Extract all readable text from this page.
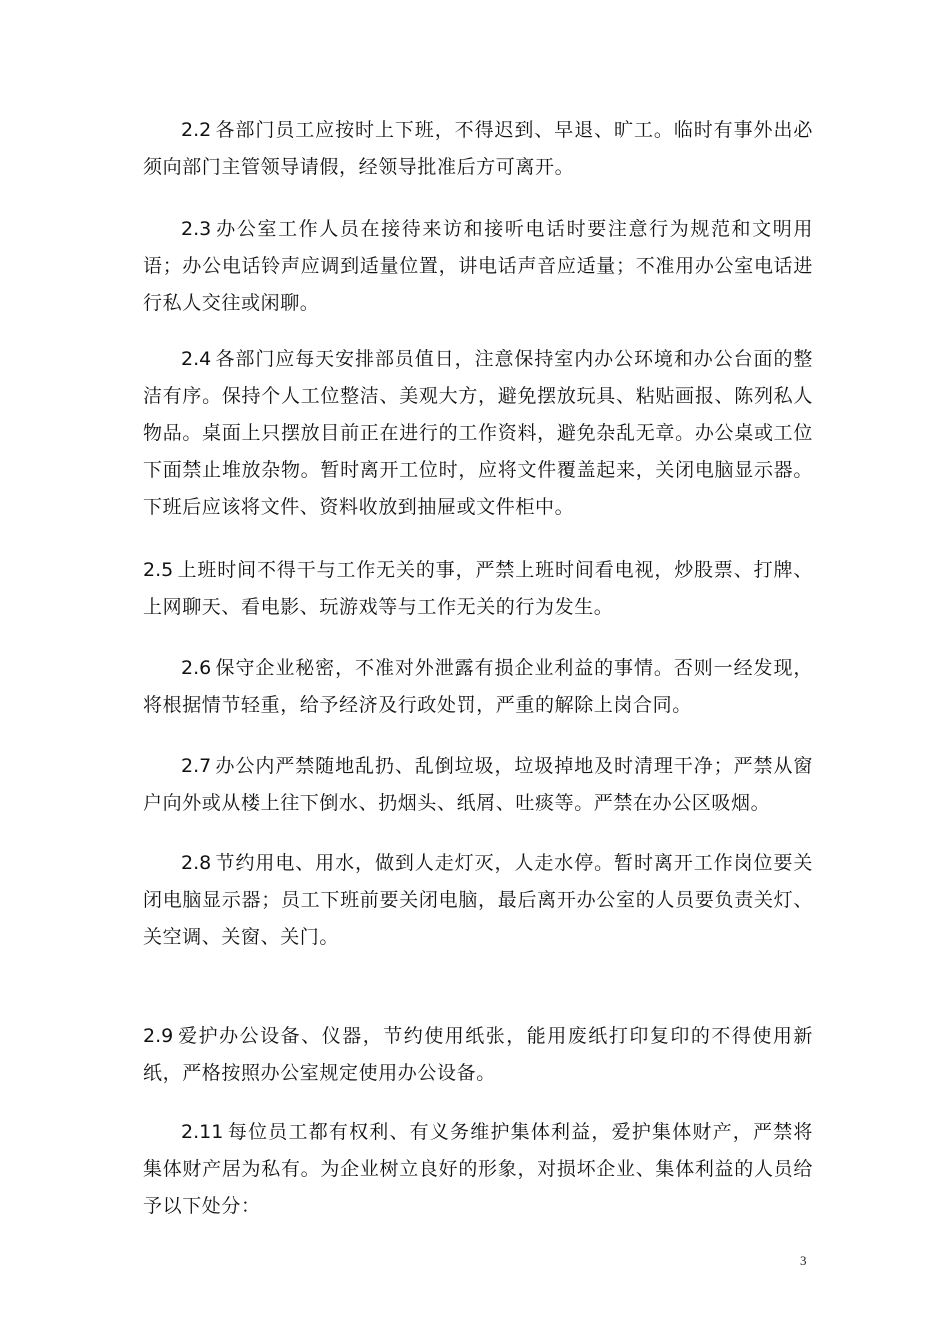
2.2 各部门员工应按时上下班，不得迟到、早退、旷工。临时有事外出必须向部门主管领导请假，经领导批准后方可离开。

2.3 办公室工作人员在接待来访和接听电话时要注意行为规范和文明用语；办公电话铃声应调到适量位置，讲电话声音应适量；不准用办公室电话进行私人交往或闲聊。

2.4 各部门应每天安排部员值日，注意保持室内办公环境和办公台面的整洁有序。保持个人工位整洁、美观大方，避免摆放玩具、粘贴画报、陈列私人物品。桌面上只摆放目前正在进行的工作资料，避免杂乱无章。办公桌或工位下面禁止堆放杂物。暂时离开工位时，应将文件覆盖起来，关闭电脑显示器。下班后应该将文件、资料收放到抽屉或文件柜中。

2.5 上班时间不得干与工作无关的事，严禁上班时间看电视，炒股票、打牌、上网聊天、看电影、玩游戏等与工作无关的行为发生。

2.6 保守企业秘密，不准对外泄露有损企业利益的事情。否则一经发现，将根据情节轻重，给予经济及行政处罚，严重的解除上岗合同。

2.7 办公内严禁随地乱扔、乱倒垃圾，垃圾掉地及时清理干净；严禁从窗户向外或从楼上往下倒水、扔烟头、纸屑、吐痰等。严禁在办公区吸烟。

2.8 节约用电、用水，做到人走灯灭，人走水停。暂时离开工作岗位要关闭电脑显示器；员工下班前要关闭电脑，最后离开办公室的人员要负责关灯、关空调、关窗、关门。

2.9 爱护办公设备、仪器，节约使用纸张，能用废纸打印复印的不得使用新纸，严格按照办公室规定使用办公设备。

2.11 每位员工都有权利、有义务维护集体利益，爱护集体财产，严禁将集体财产居为私有。为企业树立良好的形象，对损坏企业、集体利益的人员给予以下处分：

3
